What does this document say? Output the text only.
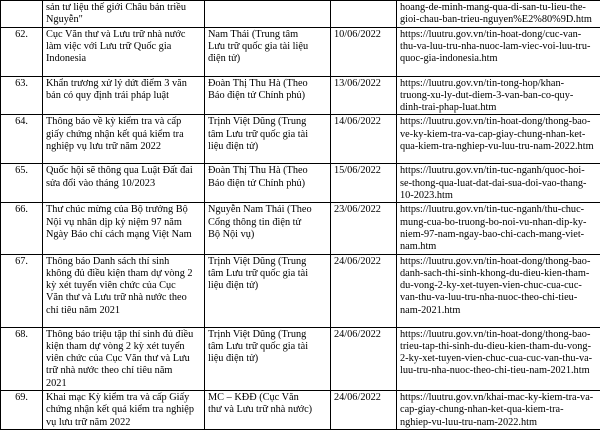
	sản tư liệu thế giới Châu bản triều
Nguyễn"			hoang-de-minh-mang-qua-di-san-tu-lieu-the-
gioi-chau-ban-trieu-nguyen%E2%80%9D.htm

62.	Cục Văn thư và Lưu trữ nhà nước
làm việc với Lưu trữ Quốc gia
Indonesia	Nam Thái (Trung tâm
Lưu trữ quốc gia tài liệu
điện tử)	10/06/2022	https://luutru.gov.vn/tin-hoat-dong/cuc-van-
thu-va-luu-tru-nha-nuoc-lam-viec-voi-luu-tru-
quoc-gia-indonesia.htm

63.	Khẩn trương xử lý dứt điểm 3 văn
bản có quy định trái pháp luật	Đoàn Thị Thu Hà (Theo
Báo điện tử Chính phủ)	13/06/2022	https://luutru.gov.vn/tin-tong-hop/khan-
truong-xu-ly-dut-diem-3-van-ban-co-quy-
dinh-trai-phap-luat.htm

64.	Thông báo về kỳ kiểm tra và cấp
giấy chứng nhận kết quả kiểm tra
nghiệp vụ lưu trữ năm 2022	Trịnh Việt Dũng (Trung
tâm Lưu trữ quốc gia tài
liệu điện tử)	14/06/2022	https://luutru.gov.vn/tin-hoat-dong/thong-bao-
ve-ky-kiem-tra-va-cap-giay-chung-nhan-ket-
qua-kiem-tra-nghiep-vu-luu-tru-nam-2022.htm

65.	Quốc hội sẽ thông qua Luật Đất đai
sửa đổi vào tháng 10/2023	Đoàn Thị Thu Hà (Theo
Báo điện tử Chính phủ)	15/06/2022	https://luutru.gov.vn/tin-tuc-nganh/quoc-hoi-
se-thong-qua-luat-dat-dai-sua-doi-vao-thang-
10-2023.htm

66.	Thư chúc mừng của Bộ trưởng Bộ
Nội vụ nhân dịp kỷ niệm 97 năm
Ngày Báo chí cách mạng Việt Nam	Nguyễn Nam Thái (Theo
Cổng thông tin điện tử
Bộ Nội vụ)	23/06/2022	https://luutru.gov.vn/tin-tuc-nganh/thu-chuc-
mung-cua-bo-truong-bo-noi-vu-nhan-dip-ky-
niem-97-nam-ngay-bao-chi-cach-mang-viet-
nam.htm

67.	Thông báo Danh sách thí sinh
không đủ điều kiện tham dự vòng 2
kỳ xét tuyển viên chức của Cục
Văn thư và Lưu trữ nhà nước theo
chỉ tiêu năm 2021	Trịnh Việt Dũng (Trung
tâm Lưu trữ quốc gia tài
liệu điện tử)	24/06/2022	https://luutru.gov.vn/tin-hoat-dong/thong-bao-
danh-sach-thi-sinh-khong-du-dieu-kien-tham-
du-vong-2-ky-xet-tuyen-vien-chuc-cua-cuc-
van-thu-va-luu-tru-nha-nuoc-theo-chi-tieu-
nam-2021.htm

68.	Thông báo triệu tập thí sinh đủ điều
kiện tham dự vòng 2 kỳ xét tuyển
viên chức của Cục Văn thư và Lưu
trữ nhà nước theo chỉ tiêu năm
2021	Trịnh Việt Dũng (Trung
tâm Lưu trữ quốc gia tài
liệu điện tử)	24/06/2022	https://luutru.gov.vn/tin-hoat-dong/thong-bao-
trieu-tap-thi-sinh-du-dieu-kien-tham-du-vong-
2-ky-xet-tuyen-vien-chuc-cua-cuc-van-thu-va-
luu-tru-nha-nuoc-theo-chi-tieu-nam-2021.htm

69.	Khai mạc Kỳ kiểm tra và cấp Giấy
chứng nhận kết quả kiểm tra nghiệp
vụ lưu trữ năm 2022	MC – KĐĐ (Cục Văn
thư và Lưu trữ nhà nước)	24/06/2022	https://luutru.gov.vn/khai-mac-ky-kiem-tra-va-
cap-giay-chung-nhan-ket-qua-kiem-tra-
nghiep-vu-luu-tru-nam-2022.htm
